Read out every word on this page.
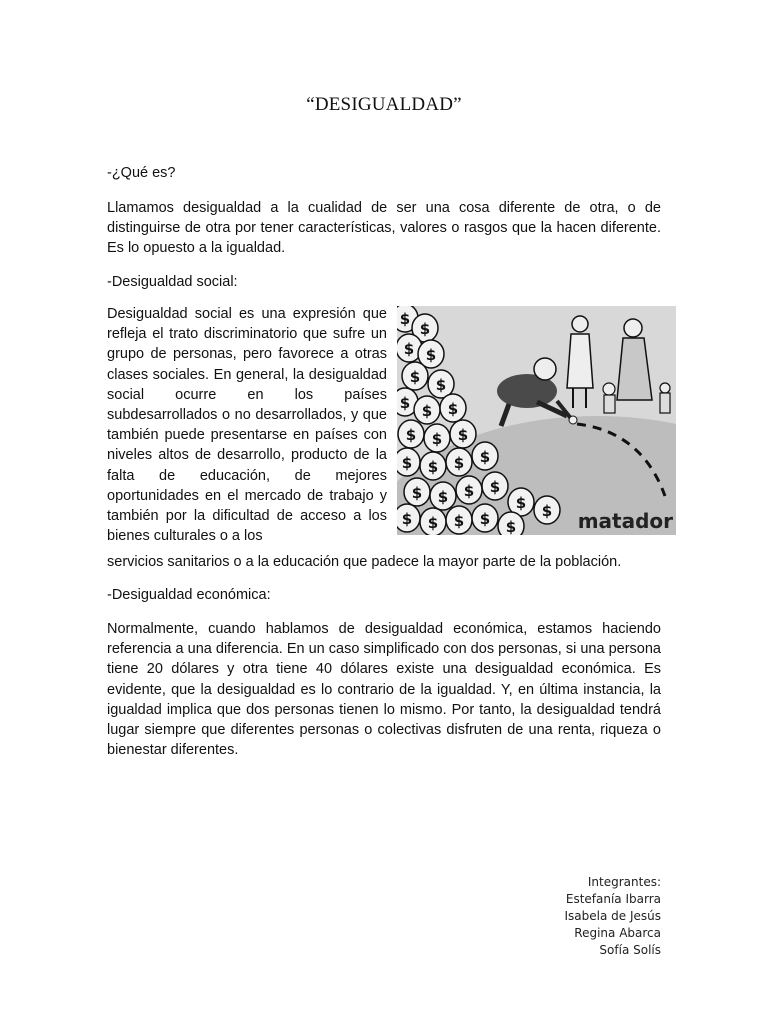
“DESIGUALDAD”
-¿Qué es?
Llamamos desigualdad a la cualidad de ser una cosa diferente de otra, o de distinguirse de otra por tener características, valores o rasgos que la hacen diferente. Es lo opuesto a la igualdad.
-Desigualdad social:
Desigualdad social es una expresión que refleja el trato discriminatorio que sufre un grupo de personas, pero favorece a otras clases sociales. En general, la desigualdad social ocurre en los países subdesarrollados o no desarrollados, y que también puede presentarse en países con niveles altos de desarrollo, producto de la falta de educación, de mejores oportunidades en el mercado de trabajo y también por la dificultad de acceso a los bienes culturales o a los
servicios sanitarios o a la educación que padece la mayor parte de la población.
$
$
$ $
$ $
$ $ $
$ $ $
$ $ $ $
$ $ $ $
$ $
$ $ $ $ $	matador
-Desigualdad económica:
Normalmente, cuando hablamos de desigualdad económica, estamos haciendo referencia a una diferencia. En un caso simplificado con dos personas, si una persona tiene 20 dólares y otra tiene 40 dólares existe una desigualdad económica. Es evidente, que la desigualdad es lo contrario de la igualdad. Y, en última instancia, la igualdad implica que dos personas tienen lo mismo. Por tanto, la desigualdad tendrá lugar siempre que diferentes personas o colectivas disfruten de una renta, riqueza o bienestar diferentes.
Integrantes:
Estefanía Ibarra
Isabela de Jesús
Regina Abarca
Sofía Solís
